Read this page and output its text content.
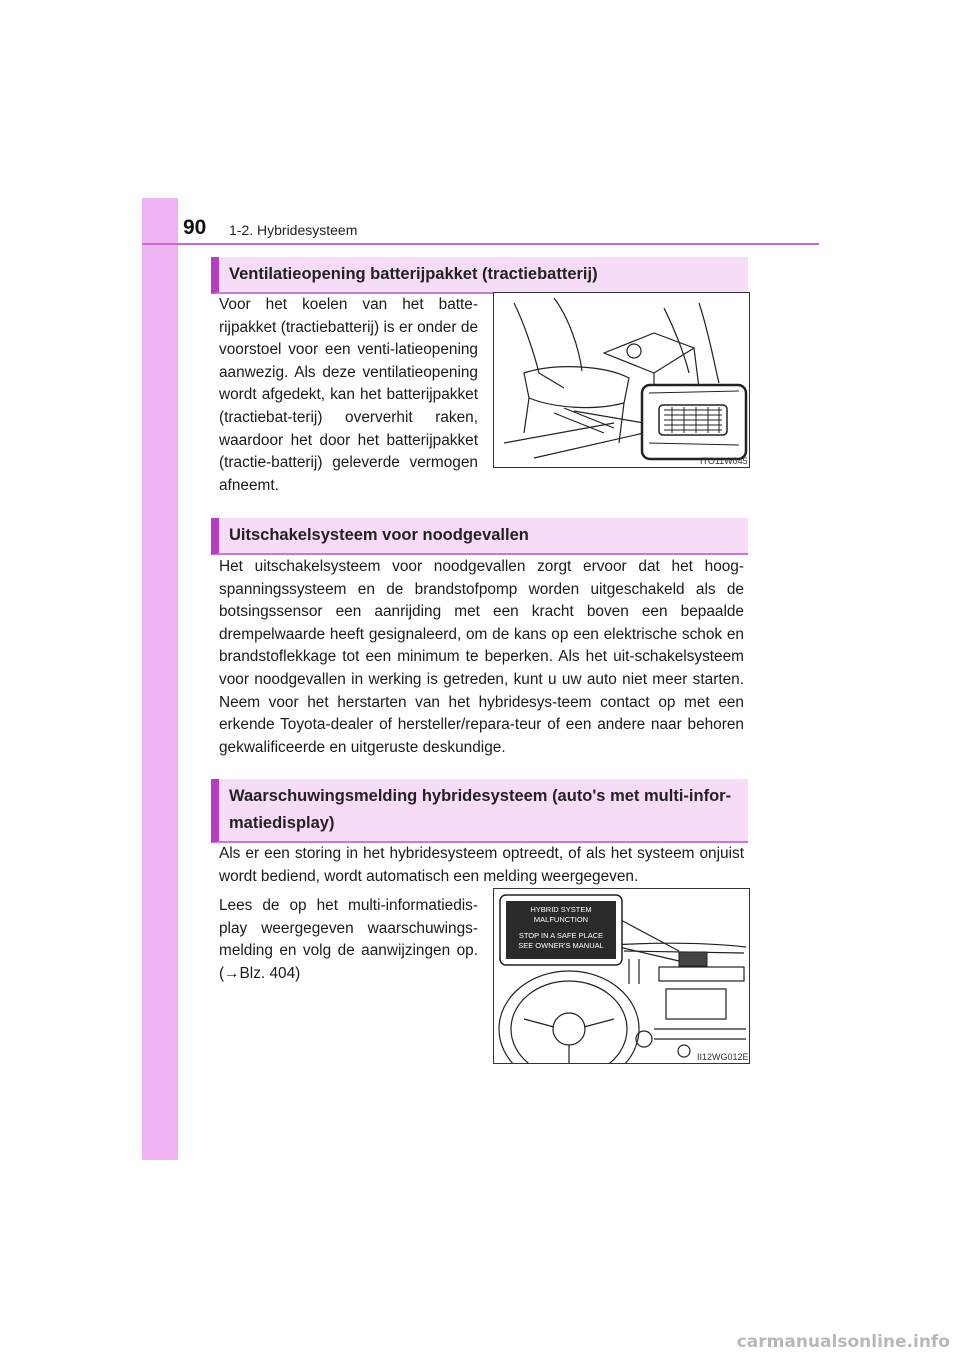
90 1-2. Hybridesysteem
Ventilatieopening batterijpakket (tractiebatterij)

Voor het koelen van het batte-rijpakket (tractiebatterij) is er onder de voorstoel voor een venti-latieopening aanwezig. Als deze ventilatieopening wordt afgedekt, kan het batterijpakket (tractiebat-terij) oververhit raken, waardoor het door het batterijpakket (tractie-batterij) geleverde vermogen afneemt.

ITO11W045
Uitschakelsysteem voor noodgevallen

Het uitschakelsysteem voor noodgevallen zorgt ervoor dat het hoog-spanningssysteem en de brandstofpomp worden uitgeschakeld als de botsingssensor een aanrijding met een kracht boven een bepaalde drempelwaarde heeft gesignaleerd, om de kans op een elektrische schok en brandstoflekkage tot een minimum te beperken. Als het uit-schakelsysteem voor noodgevallen in werking is getreden, kunt u uw auto niet meer starten. Neem voor het herstarten van het hybridesys-teem contact op met een erkende Toyota-dealer of hersteller/repara-teur of een andere naar behoren gekwalificeerde en uitgeruste deskundige.

Waarschuwingsmelding hybridesysteem (auto's met multi-infor-matiedisplay)

Als er een storing in het hybridesysteem optreedt, of als het systeem onjuist wordt bediend, wordt automatisch een melding weergegeven.

Lees de op het multi-informatiedis-play weergegeven waarschuwings-melding en volg de aanwijzingen op. (→Blz. 404)

HYBRID SYSTEM
MALFUNCTION
STOP IN A SAFE PLACE
SEE OWNER'S MANUAL
II12WG012E
carmanualsonline.info
